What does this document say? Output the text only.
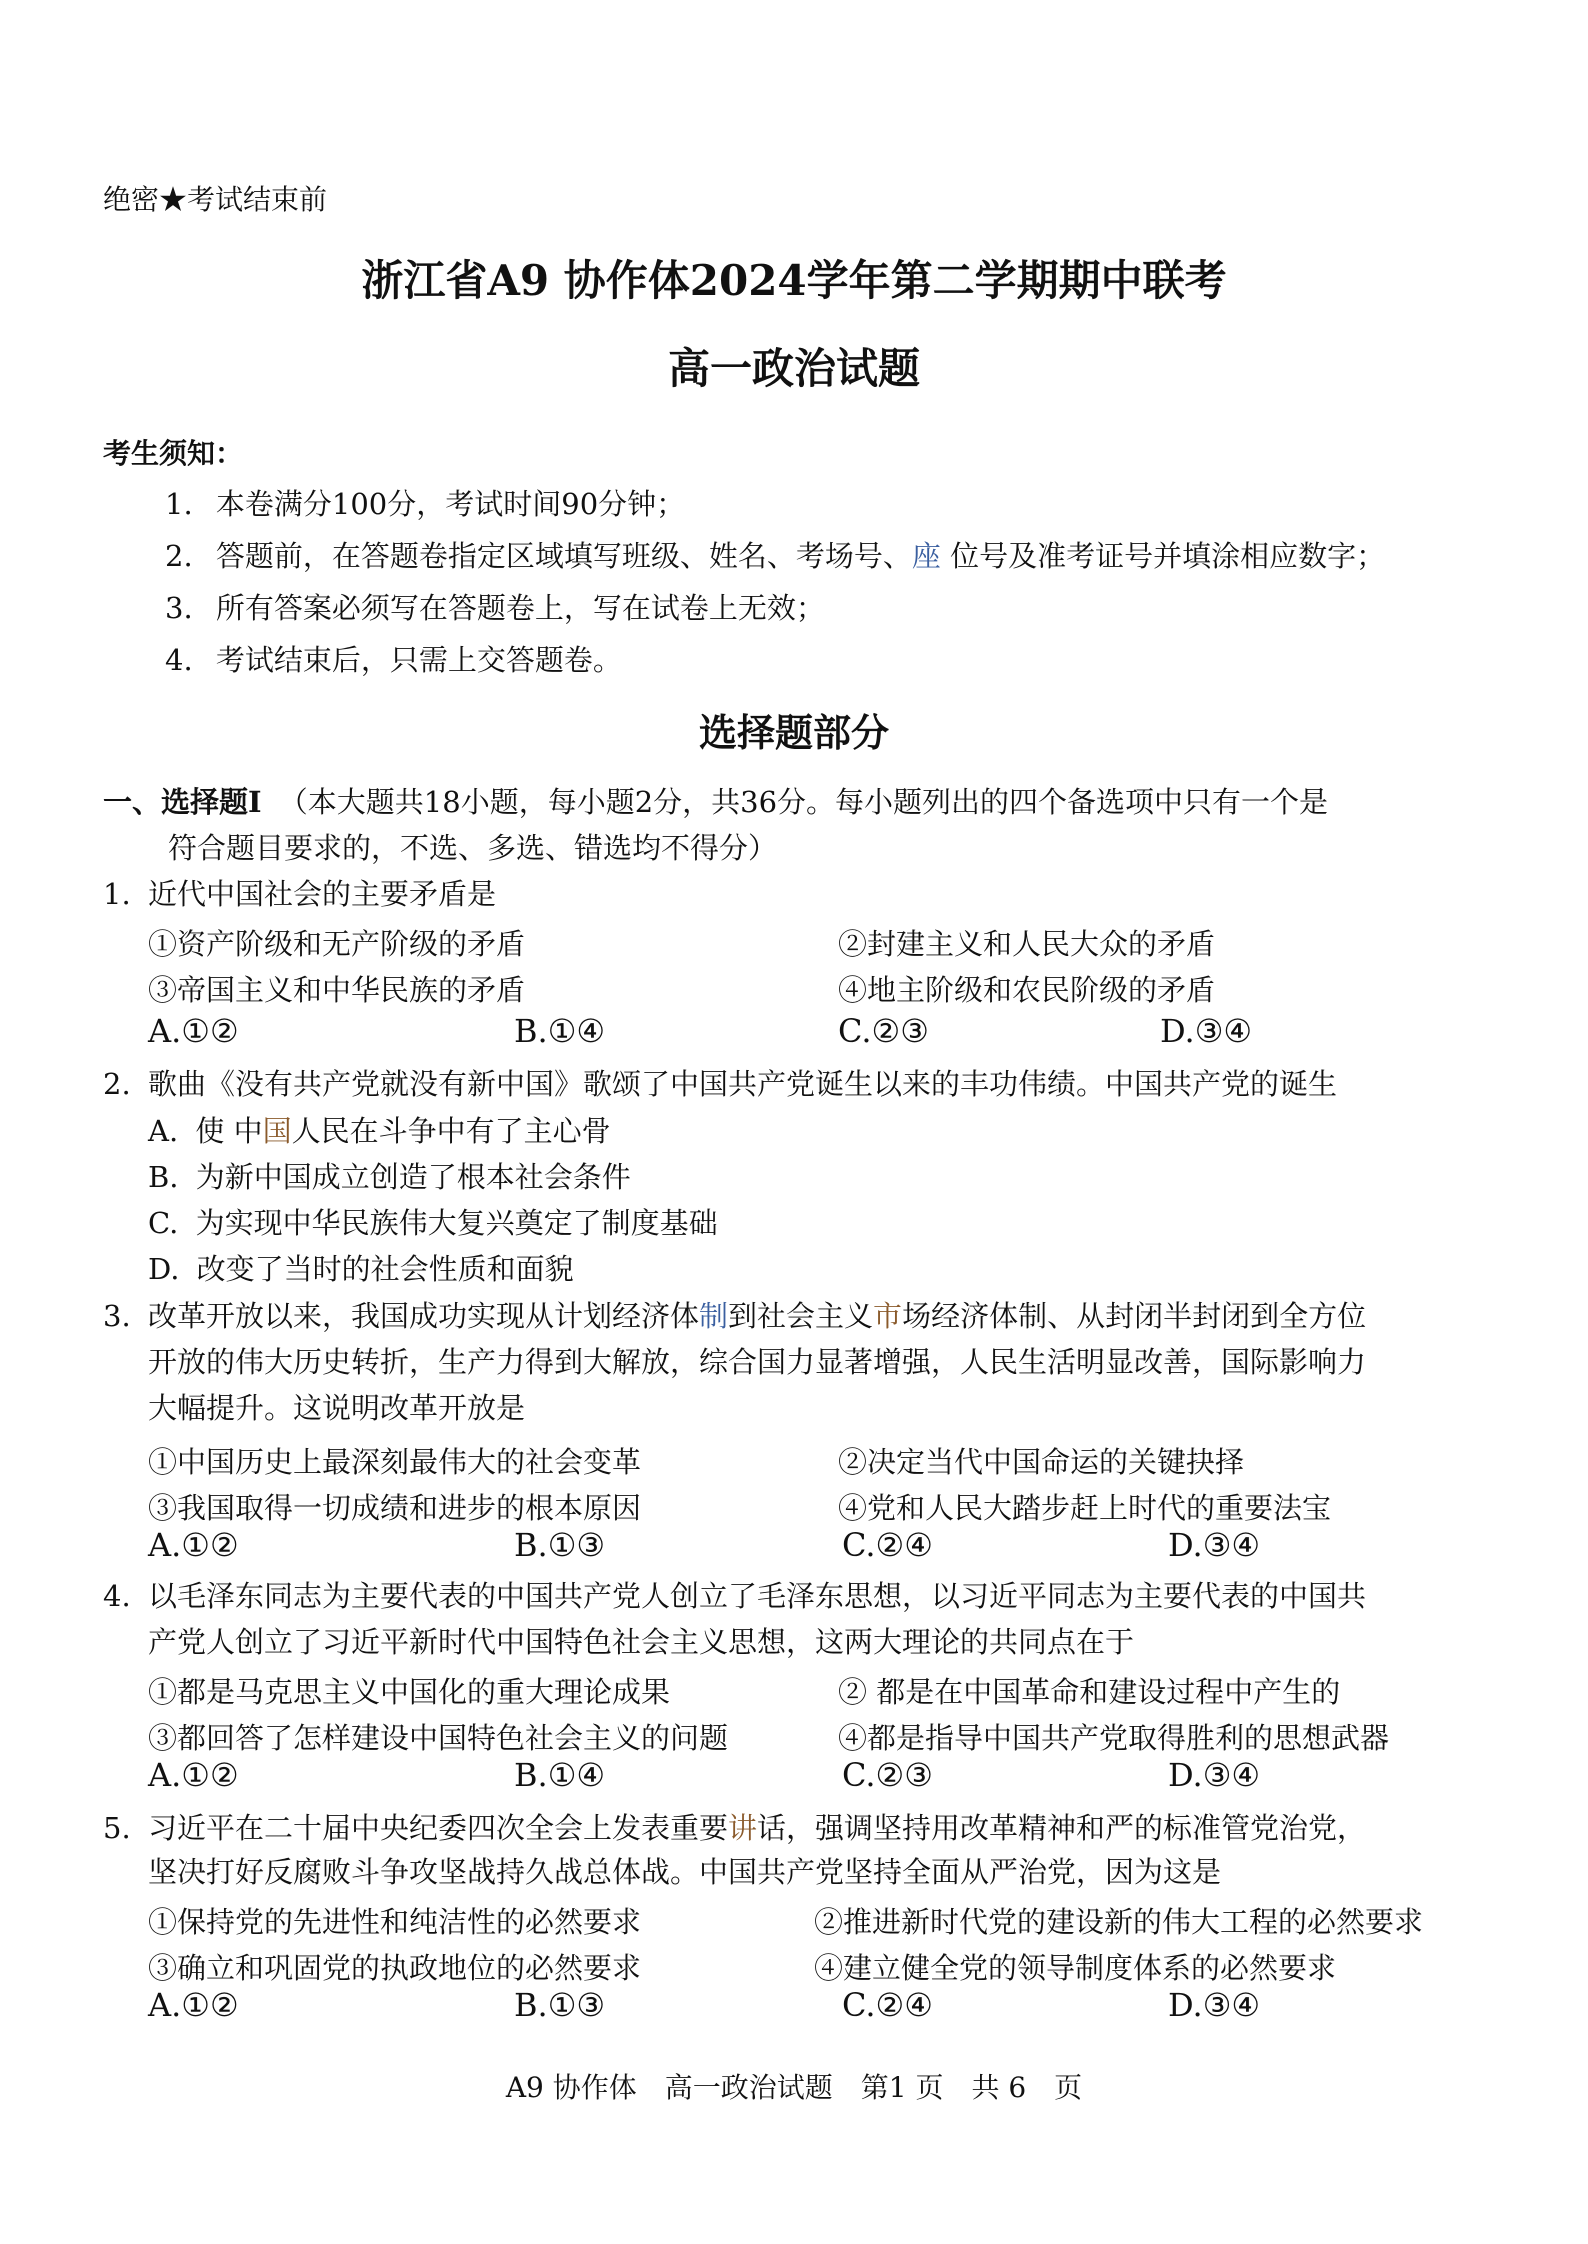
绝密★考试结束前
浙江省A9 协作体2024学年第二学期期中联考
高一政治试题
考生须知：
1. 本卷满分100分，考试时间90分钟；
2. 答题前，在答题卷指定区域填写班级、姓名、考场号、座 位号及准考证号并填涂相应数字；
3. 所有答案必须写在答题卷上，写在试卷上无效；
4. 考试结束后，只需上交答题卷。
选择题部分
一、选择题Ⅰ （本大题共18小题，每小题2分，共36分。每小题列出的四个备选项中只有一个是
符合题目要求的，不选、多选、错选均不得分）
1. 近代中国社会的主要矛盾是
①资产阶级和无产阶级的矛盾	②封建主义和人民大众的矛盾
③帝国主义和中华民族的矛盾	④地主阶级和农民阶级的矛盾
A.①②	B.①④	C.②③	D.③④
2. 歌曲《没有共产党就没有新中国》歌颂了中国共产党诞生以来的丰功伟绩。中国共产党的诞生
A. 使 中国人民在斗争中有了主心骨
B. 为新中国成立创造了根本社会条件
C. 为实现中华民族伟大复兴奠定了制度基础
D. 改变了当时的社会性质和面貌
3. 改革开放以来，我国成功实现从计划经济体制到社会主义市场经济体制、从封闭半封闭到全方位
开放的伟大历史转折，生产力得到大解放，综合国力显著增强，人民生活明显改善，国际影响力
大幅提升。这说明改革开放是
①中国历史上最深刻最伟大的社会变革	②决定当代中国命运的关键抉择
③我国取得一切成绩和进步的根本原因	④党和人民大踏步赶上时代的重要法宝
A.①②	B.①③	C.②④	D.③④
4. 以毛泽东同志为主要代表的中国共产党人创立了毛泽东思想，以习近平同志为主要代表的中国共
产党人创立了习近平新时代中国特色社会主义思想，这两大理论的共同点在于
①都是马克思主义中国化的重大理论成果	② 都是在中国革命和建设过程中产生的
③都回答了怎样建设中国特色社会主义的问题	④都是指导中国共产党取得胜利的思想武器
A.①②	B.①④	C.②③	D.③④
5. 习近平在二十届中央纪委四次全会上发表重要讲话，强调坚持用改革精神和严的标准管党治党，
坚决打好反腐败斗争攻坚战持久战总体战。中国共产党坚持全面从严治党，因为这是
①保持党的先进性和纯洁性的必然要求	②推进新时代党的建设新的伟大工程的必然要求
③确立和巩固党的执政地位的必然要求	④建立健全党的领导制度体系的必然要求
A.①②	B.①③	C.②④	D.③④
A9 协作体　高一政治试题　第1 页　共 6　页
